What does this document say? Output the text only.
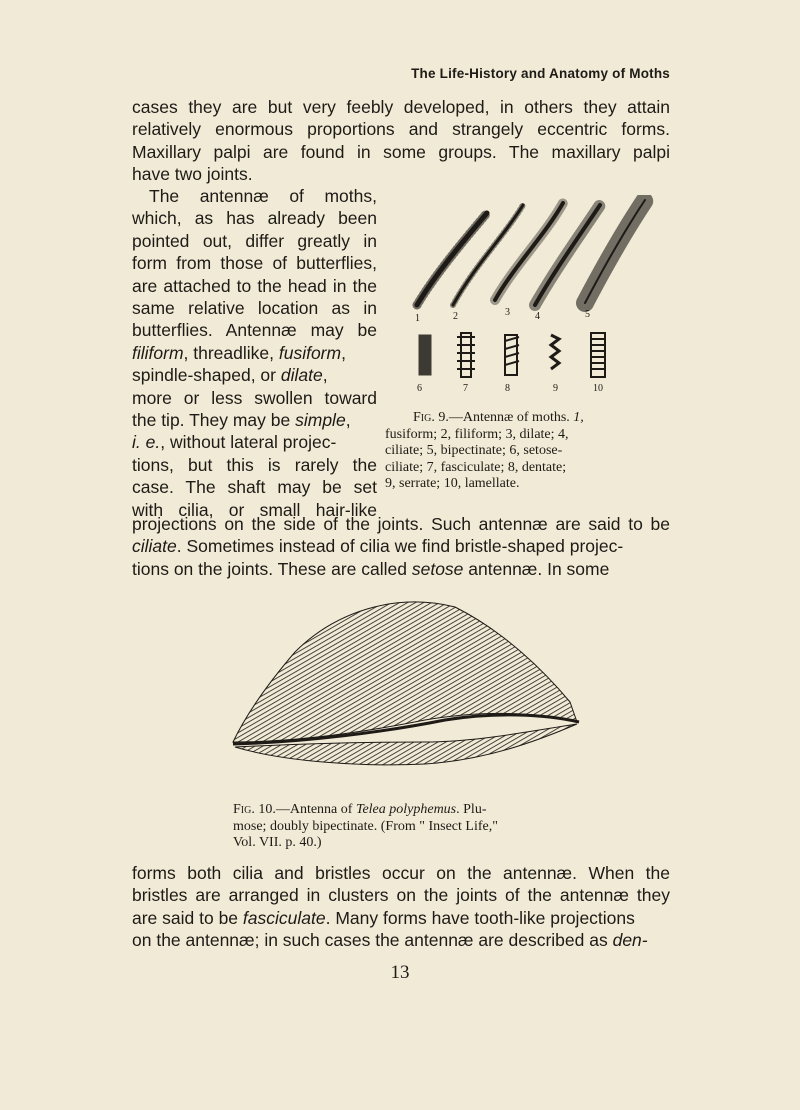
The Life-History and Anatomy of Moths
cases they are but very feebly developed, in others they attain
relatively enormous proportions and strangely eccentric forms.
Maxillary palpi are found in some groups. The maxillary palpi
have two joints.
The antennæ of moths,
which, as has already been
pointed out, differ greatly in
form from those of butterflies,
are attached to the head in the
same relative location as in
butterflies. Antennæ may be
filiform, threadlike, fusiform,
spindle-shaped, or dilate,
more or less swollen toward
the tip. They may be simple,
i. e., without lateral projec-
tions, but this is rarely the
case. The shaft may be set
with cilia, or small hair-like
projections on the side of the joints. Such antennæ are said to be
ciliate. Sometimes instead of cilia we find bristle-shaped projec-
tions on the joints. These are called setose antennæ. In some
1	2	3	4	5
6	7	8	9	10
Fig. 9.—Antennæ of moths. 1,
fusiform; 2, filiform; 3, dilate; 4,
ciliate; 5, bipectinate; 6, setose-
ciliate; 7, fasciculate; 8, dentate;
9, serrate; 10, lamellate.
Fig. 10.—Antenna of Telea polyphemus. Plu-
mose; doubly bipectinate. (From " Insect Life,"
Vol. VII. p. 40.)
forms both cilia and bristles occur on the antennæ. When the
bristles are arranged in clusters on the joints of the antennæ they
are said to be fasciculate. Many forms have tooth-like projections
on the antennæ; in such cases the antennæ are described as den-
13
